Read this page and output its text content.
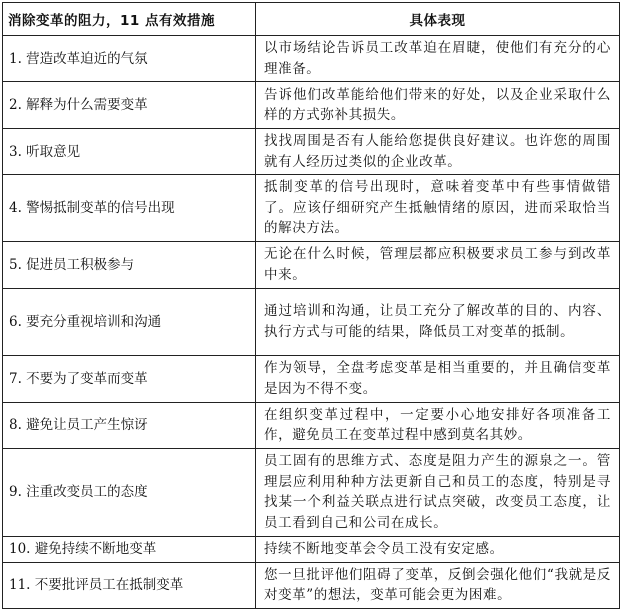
消除变革的阻力，11 点有效措施	具体表现
1. 营造改革迫近的气氛	以市场结论告诉员工改革迫在眉睫，使他们有充分的心理准备。
2. 解释为什么需要变革	告诉他们改革能给他们带来的好处，以及企业采取什么样的方式弥补其损失。
3. 听取意见	找找周围是否有人能给您提供良好建议。也许您的周围就有人经历过类似的企业改革。
4. 警惕抵制变革的信号出现	抵制变革的信号出现时，意味着变革中有些事情做错了。应该仔细研究产生抵触情绪的原因，进而采取恰当的解决方法。
5. 促进员工积极参与	无论在什么时候，管理层都应积极要求员工参与到改革中来。
6. 要充分重视培训和沟通	通过培训和沟通，让员工充分了解改革的目的、内容、执行方式与可能的结果，降低员工对变革的抵制。
7. 不要为了变革而变革	作为领导，全盘考虑变革是相当重要的，并且确信变革是因为不得不变。
8. 避免让员工产生惊讶	在组织变革过程中，一定要小心地安排好各项准备工作，避免员工在变革过程中感到莫名其妙。
9. 注重改变员工的态度	员工固有的思维方式、态度是阻力产生的源泉之一。管理层应利用种种方法更新自己和员工的态度，特别是寻找某一个利益关联点进行试点突破，改变员工态度，让员工看到自己和公司在成长。
10. 避免持续不断地变革	持续不断地变革会令员工没有安定感。
11. 不要批评员工在抵制变革	您一旦批评他们阻碍了变革，反倒会强化他们“我就是反对变革”的想法，变革可能会更为困难。
